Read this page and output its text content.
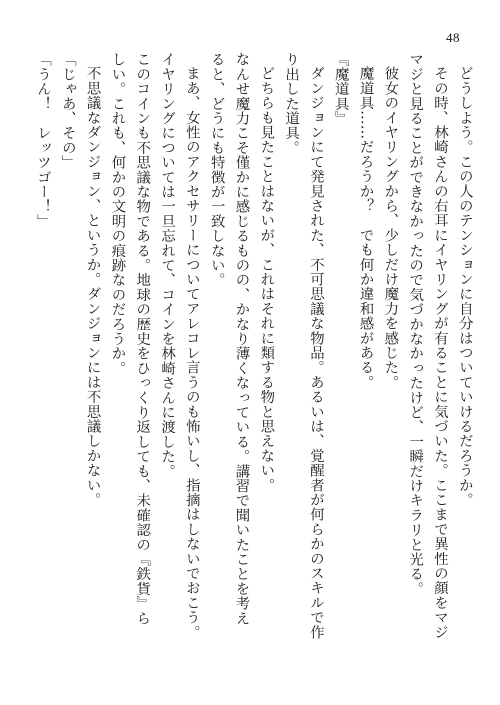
48
どうしよう。この人のテンションに自分はついていけるだろうか。
その時、林崎さんの右耳にイヤリングが有ることに気づいた。ここまで異性の顔をマジ
マジと見ることができなかったので気づかなかったけど、一瞬だけキラリと光る。
彼女のイヤリングから、少しだけ魔力を感じた。
魔道具……だろうか？　でも何か違和感がある。
『魔道具』
ダンジョンにて発見された、不可思議な物品。あるいは、覚醒者が何らかのスキルで作
り出した道具。
どちらも見たことはないが、これはそれに類する物と思えない。
なんせ魔力こそ僅かに感じるものの、かなり薄くなっている。講習で聞いたことを考え
ると、どうにも特徴が一致しない。
まあ、女性のアクセサリーについてアレコレ言うのも怖いし、指摘はしないでおこう。
イヤリングについては一旦忘れて、コインを林崎さんに渡した。
このコインも不思議な物である。地球の歴史をひっくり返しても、未確認の『鉄貨』ら
しい。これも、何かの文明の痕跡なのだろうか。
不思議なダンジョン、というか。ダンジョンには不思議しかない。
「じゃあ、その」
「うん！　レッツゴー！」
